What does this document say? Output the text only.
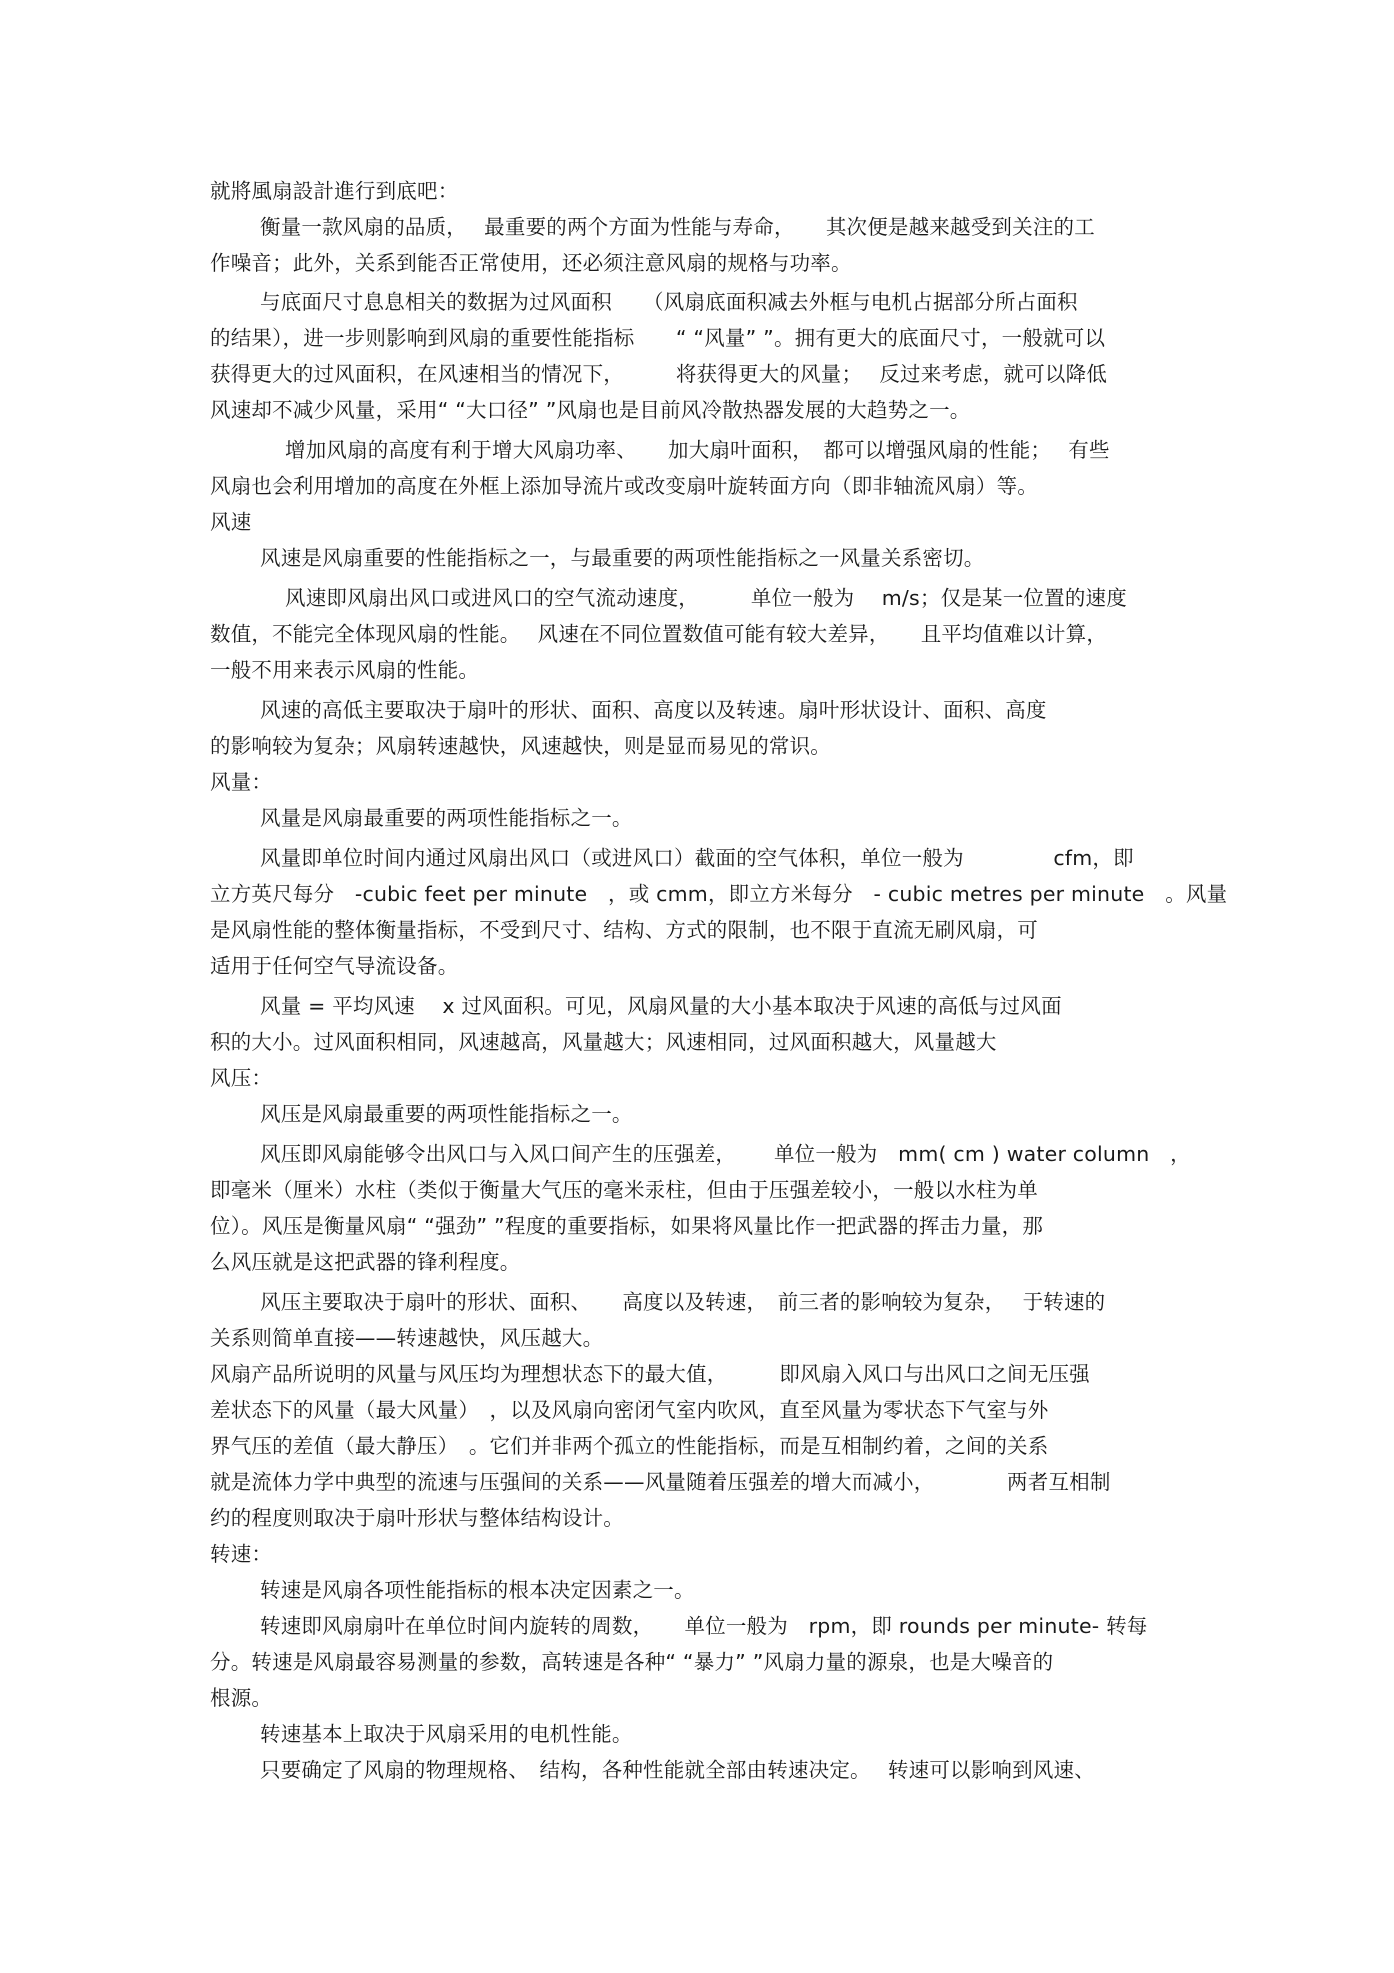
就將風扇設計進行到底吧：

衡量一款风扇的品质，　 最重要的两个方面为性能与寿命，　　其次便是越来越受到关注的工

作噪音；此外，关系到能否正常使用，还必须注意风扇的规格与功率。

与底面尺寸息息相关的数据为过风面积　　（风扇底面积减去外框与电机占据部分所占面积

的结果），进一步则影响到风扇的重要性能指标　　“ “风量” ”。拥有更大的底面尺寸，一般就可以

获得更大的过风面积，在风速相当的情况下，　　　将获得更大的风量；　 反过来考虑，就可以降低

风速却不减少风量，采用“ “大口径” ”风扇也是目前风冷散热器发展的大趋势之一。

增加风扇的高度有利于增大风扇功率、　　加大扇叶面积，　都可以增强风扇的性能；　 有些

风扇也会利用增加的高度在外框上添加导流片或改变扇叶旋转面方向（即非轴流风扇）等。

风速

风速是风扇重要的性能指标之一，与最重要的两项性能指标之一风量关系密切。

风速即风扇出风口或进风口的空气流动速度，　　　单位一般为　 m/s；仅是某一位置的速度

数值，不能完全体现风扇的性能。　 风速在不同位置数值可能有较大差异，　　且平均值难以计算，

一般不用来表示风扇的性能。

风速的高低主要取决于扇叶的形状、面积、高度以及转速。扇叶形状设计、面积、高度

的影响较为复杂；风扇转速越快，风速越快，则是显而易见的常识。

风量：

风量是风扇最重要的两项性能指标之一。

风量即单位时间内通过风扇出风口（或进风口）截面的空气体积，单位一般为　　　　 cfm，即

立方英尺每分　-cubic feet per minute　，或 cmm，即立方米每分　- cubic metres per minute　。风量

是风扇性能的整体衡量指标，不受到尺寸、结构、方式的限制，也不限于直流无刷风扇，可

适用于任何空气导流设备。

风量 = 平均风速　 x 过风面积。可见，风扇风量的大小基本取决于风速的高低与过风面

积的大小。过风面积相同，风速越高，风量越大；风速相同，过风面积越大，风量越大

风压：

风压是风扇最重要的两项性能指标之一。

风压即风扇能够令出风口与入风口间产生的压强差，　　 单位一般为　mm( cm ) water column　，

即毫米（厘米）水柱（类似于衡量大气压的毫米汞柱，但由于压强差较小，一般以水柱为单

位）。风压是衡量风扇“ “强劲” ”程度的重要指标，如果将风量比作一把武器的挥击力量，那

么风压就是这把武器的锋利程度。

风压主要取决于扇叶的形状、面积、　　高度以及转速，　前三者的影响较为复杂，　 于转速的

关系则简单直接——转速越快，风压越大。

风扇产品所说明的风量与风压均为理想状态下的最大值，　　　即风扇入风口与出风口之间无压强

差状态下的风量（最大风量）　，以及风扇向密闭气室内吹风，直至风量为零状态下气室与外

界气压的差值（最大静压）　。它们并非两个孤立的性能指标，而是互相制约着，之间的关系

就是流体力学中典型的流速与压强间的关系——风量随着压强差的增大而减小，　　　　两者互相制

约的程度则取决于扇叶形状与整体结构设计。

转速：

转速是风扇各项性能指标的根本决定因素之一。

转速即风扇扇叶在单位时间内旋转的周数，　　单位一般为　rpm，即 rounds per minute- 转每

分。转速是风扇最容易测量的参数，高转速是各种“ “暴力” ”风扇力量的源泉，也是大噪音的

根源。

转速基本上取决于风扇采用的电机性能。

只要确定了风扇的物理规格、　结构，各种性能就全部由转速决定。　 转速可以影响到风速、
